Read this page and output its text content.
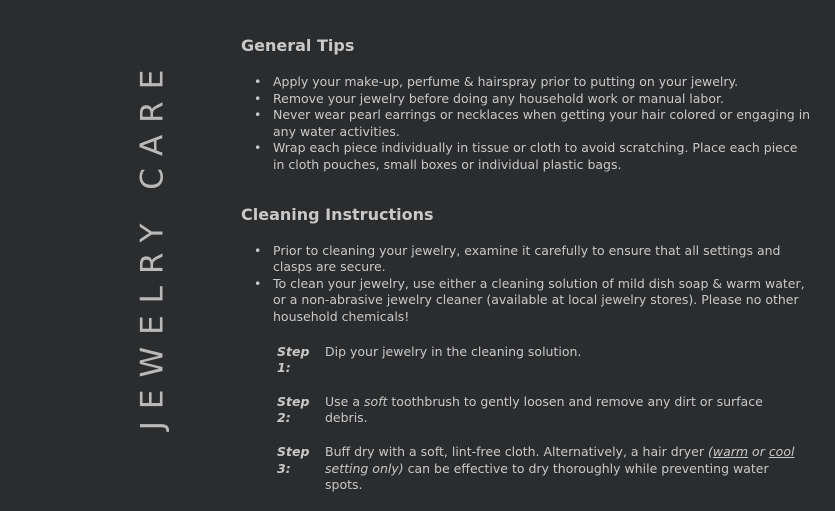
JEWELRY CARE
General Tips
• Apply your make-up, perfume & hairspray prior to putting on your jewelry.
• Remove your jewelry before doing any household work or manual labor.
• Never wear pearl earrings or necklaces when getting your hair colored or engaging in
any water activities.
• Wrap each piece individually in tissue or cloth to avoid scratching. Place each piece
in cloth pouches, small boxes or individual plastic bags.
Cleaning Instructions
• Prior to cleaning your jewelry, examine it carefully to ensure that all settings and
clasps are secure.
• To clean your jewelry, use either a cleaning solution of mild dish soap & warm water,
or a non-abrasive jewelry cleaner (available at local jewelry stores). Please no other
household chemicals!
Step 1:
Dip your jewelry in the cleaning solution.
Step 2:
Use a soft toothbrush to gently loosen and remove any dirt or surface debris.
Step 3:
Buff dry with a soft, lint-free cloth. Alternatively, a hair dryer (warm or cool
setting only) can be effective to dry thoroughly while preventing water spots.
